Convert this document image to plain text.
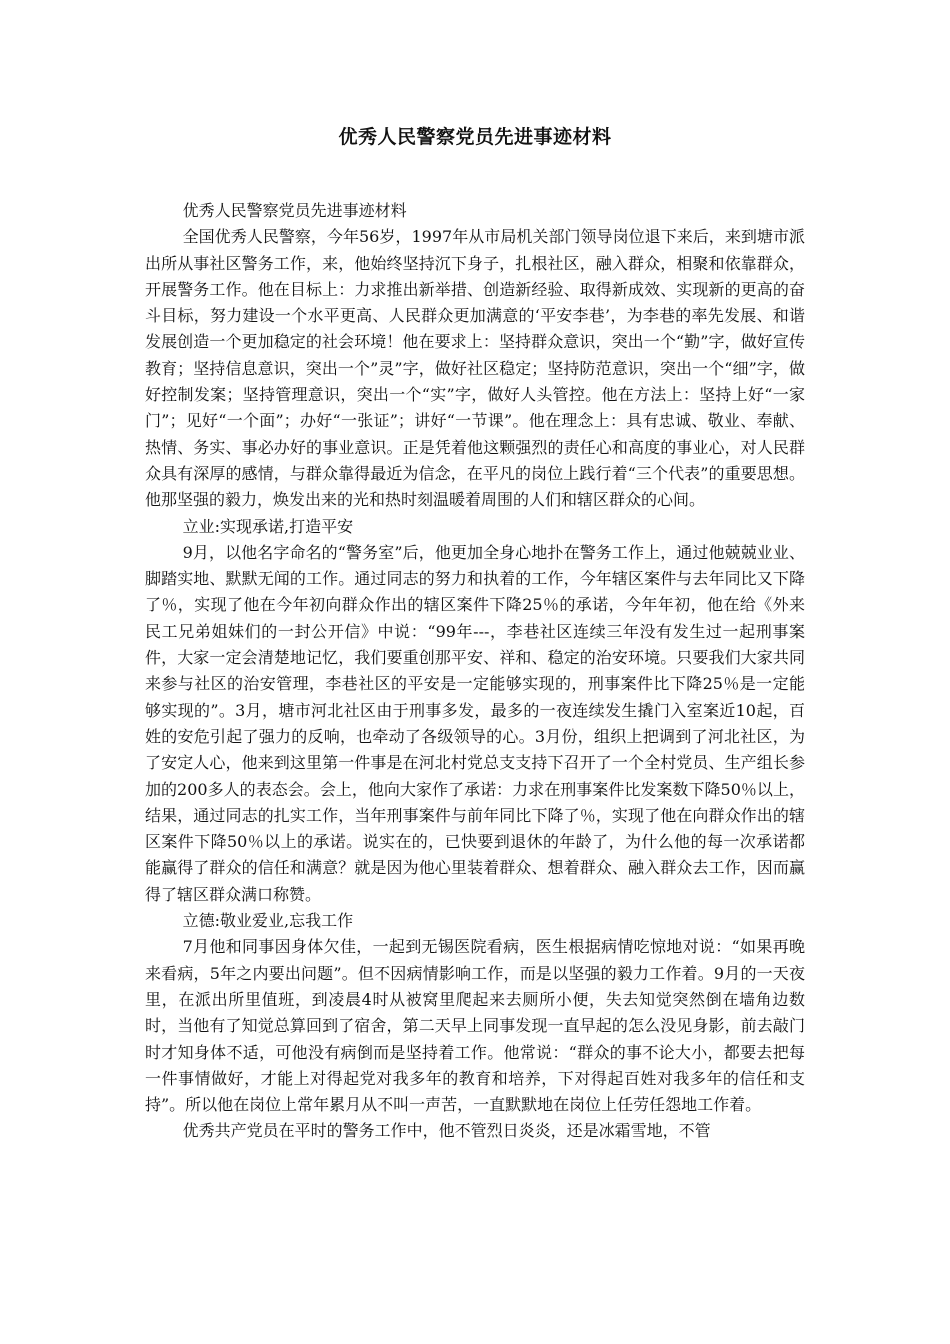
优秀人民警察党员先进事迹材料

优秀人民警察党员先进事迹材料

全国优秀人民警察，今年56岁，1997年从市局机关部门领导岗位退下来后，来到塘市派出所从事社区警务工作，来，他始终坚持沉下身子，扎根社区，融入群众，相聚和依靠群众，开展警务工作。他在目标上：力求推出新举措、创造新经验、取得新成效、实现新的更高的奋斗目标，努力建设一个水平更高、人民群众更加满意的‘平安李巷’，为李巷的率先发展、和谐发展创造一个更加稳定的社会环境！他在要求上：坚持群众意识，突出一个“勤”字，做好宣传教育；坚持信息意识，突出一个”灵”字，做好社区稳定；坚持防范意识，突出一个“细”字，做好控制发案；坚持管理意识，突出一个“实”字，做好人头管控。他在方法上：坚持上好“一家门”；见好“一个面”；办好“一张证”；讲好“一节课”。他在理念上：具有忠诚、敬业、奉献、热情、务实、事必办好的事业意识。正是凭着他这颗强烈的责任心和高度的事业心，对人民群众具有深厚的感情，与群众靠得最近为信念，在平凡的岗位上践行着“三个代表”的重要思想。他那坚强的毅力，焕发出来的光和热时刻温暖着周围的人们和辖区群众的心间。

立业:实现承诺,打造平安

9月，以他名字命名的“警务室”后，他更加全身心地扑在警务工作上，通过他兢兢业业、脚踏实地、默默无闻的工作。通过同志的努力和执着的工作，今年辖区案件与去年同比又下降了％，实现了他在今年初向群众作出的辖区案件下降25％的承诺，今年年初，他在给《外来民工兄弟姐妹们的一封公开信》中说：“99年---，李巷社区连续三年没有发生过一起刑事案件，大家一定会清楚地记忆，我们要重创那平安、祥和、稳定的治安环境。只要我们大家共同来参与社区的治安管理，李巷社区的平安是一定能够实现的，刑事案件比下降25％是一定能够实现的”。3月，塘市河北社区由于刑事多发，最多的一夜连续发生撬门入室案近10起，百姓的安危引起了强力的反响，也牵动了各级领导的心。3月份，组织上把调到了河北社区，为了安定人心，他来到这里第一件事是在河北村党总支支持下召开了一个全村党员、生产组长参加的200多人的表态会。会上，他向大家作了承诺：力求在刑事案件比发案数下降50％以上，结果，通过同志的扎实工作，当年刑事案件与前年同比下降了％，实现了他在向群众作出的辖区案件下降50％以上的承诺。说实在的，已快要到退休的年龄了，为什么他的每一次承诺都能赢得了群众的信任和满意？就是因为他心里装着群众、想着群众、融入群众去工作，因而赢得了辖区群众满口称赞。

立德:敬业爱业,忘我工作

7月他和同事因身体欠佳，一起到无锡医院看病，医生根据病情吃惊地对说：“如果再晚来看病，5年之内要出问题”。但不因病情影响工作，而是以坚强的毅力工作着。9月的一天夜里，在派出所里值班，到凌晨4时从被窝里爬起来去厕所小便，失去知觉突然倒在墙角边数时，当他有了知觉总算回到了宿舍，第二天早上同事发现一直早起的怎么没见身影，前去敲门时才知身体不适，可他没有病倒而是坚持着工作。他常说：“群众的事不论大小，都要去把每一件事情做好，才能上对得起党对我多年的教育和培养，下对得起百姓对我多年的信任和支持”。所以他在岗位上常年累月从不叫一声苦，一直默默地在岗位上任劳任怨地工作着。

优秀共产党员在平时的警务工作中，他不管烈日炎炎，还是冰霜雪地，不管
